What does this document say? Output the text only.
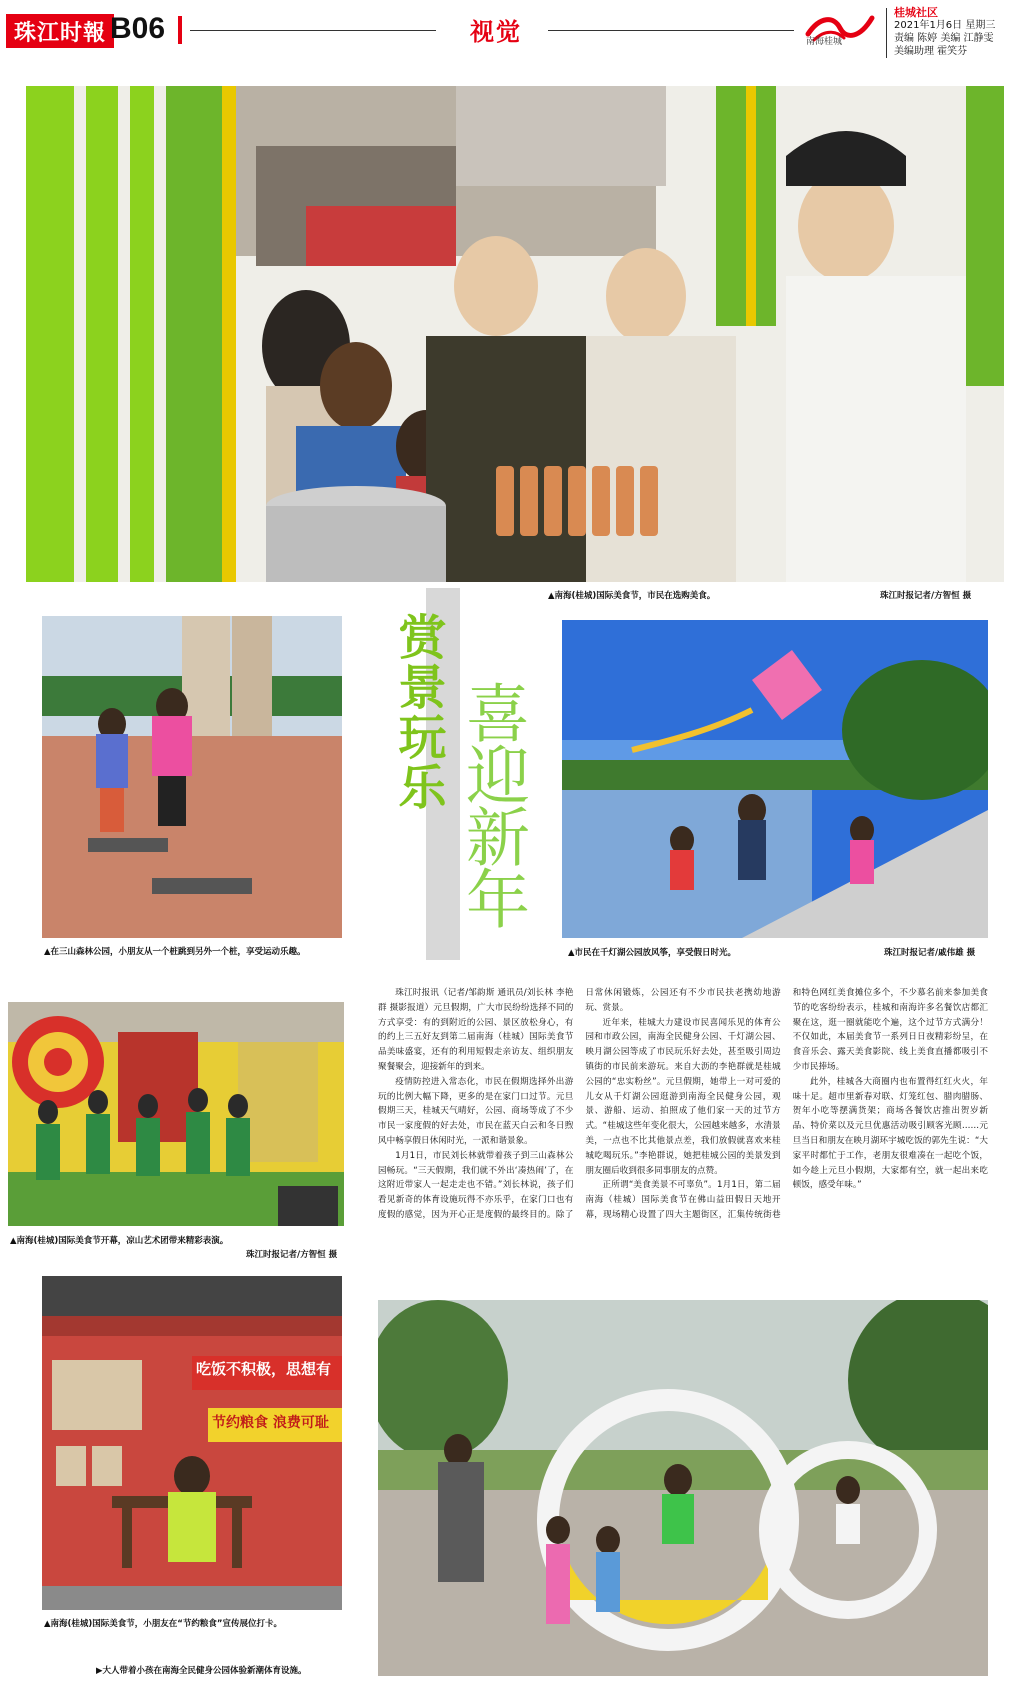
珠江时報 B06	视觉	南海桂城
桂城社区
2021年1月6日 星期三
责编 陈婷 美编 江静雯
美编助理 霍笑芬
▲南海(桂城)国际美食节，市民在选购美食。	珠江时报记者/方智恒 摄
▲在三山森林公园，小朋友从一个桩跳到另外一个桩，享受运动乐趣。
赏景玩乐 喜迎新年
▲市民在千灯湖公园放风筝，享受假日时光。	珠江时报记者/戚伟雄 摄
▲南海(桂城)国际美食节开幕，凉山艺术团带来精彩表演。
珠江时报记者/方智恒 摄

珠江时报讯（记者/邹韵斯 通讯员/刘长林 李艳群 摄影报道）元旦假期，广大市民纷纷选择不同的方式享受：有的到附近的公园、景区放松身心，有的约上三五好友到第二届南海（桂城）国际美食节品美味盛宴，还有的利用短假走亲访友、组织朋友聚餐聚会，迎接新年的到来。

疫情防控进入常态化，市民在假期选择外出游玩的比例大幅下降，更多的是在家门口过节。元旦假期三天，桂城天气晴好，公园、商场等成了不少市民一家度假的好去处，市民在蓝天白云和冬日煦风中畅享假日休闲时光，一派和谐景象。

1月1日，市民刘长林就带着孩子到三山森林公园畅玩。“三天假期，我们就不外出‘凑热闹’了，在这附近带家人一起走走也不错。”刘长林说，孩子们看见新奇的体育设施玩得不亦乐乎，在家门口也有度假的感觉，因为开心正是度假的最终目的。除了日常休闲锻炼，公园还有不少市民扶老携幼地游玩、赏景。

近年来，桂城大力建设市民喜闻乐见的体育公园和市政公园，南海全民健身公园、千灯湖公园、映月湖公园等成了市民玩乐好去处，甚至吸引周边镇街的市民前来游玩。来自大沥的李艳群就是桂城公园的“忠实粉丝”。元旦假期，她带上一对可爱的儿女从千灯湖公园逛游到南海全民健身公园，观景、游船、运动、拍照成了他们家一天的过节方式。“桂城这些年变化很大，公园越来越多，水清景美，一点也不比其他景点差，我们放假就喜欢来桂城吃喝玩乐。”李艳群说，她把桂城公园的美景发到朋友圈后收到很多同事朋友的点赞。

正所谓“美食美景不可辜负”。1月1日，第二届南海（桂城）国际美食节在佛山益田假日天地开幕，现场精心设置了四大主题街区，汇集传统街巷和特色网红美食摊位多个，不少慕名前来参加美食节的吃客纷纷表示，桂城和南海许多名餐饮店都汇聚在这，逛一圈就能吃个遍，这个过节方式满分！不仅如此，本届美食节一系列日日夜精彩纷呈，在食音乐会、露天美食影院、线上美食直播都吸引不少市民捧场。

此外，桂城各大商圈内也布置得红红火火，年味十足。超市里新春对联、灯笼红包、腊肉腊肠、贺年小吃等摆满货架；商场各餐饮店推出贺岁新品、特价菜以及元旦优惠活动吸引顾客光顾……元旦当日和朋友在映月湖环宇城吃饭的郭先生说：“大家平时都忙于工作，老朋友很难凑在一起吃个饭，如今趁上元旦小假期，大家都有空，就一起出来吃顿饭，感受年味。”

吃饭不积极，思想有
节约粮食 浪费可耻
▲南海(桂城)国际美食节，小朋友在“节约粮食”宣传展位打卡。
▶大人带着小孩在南海全民健身公园体验新潮体育设施。
